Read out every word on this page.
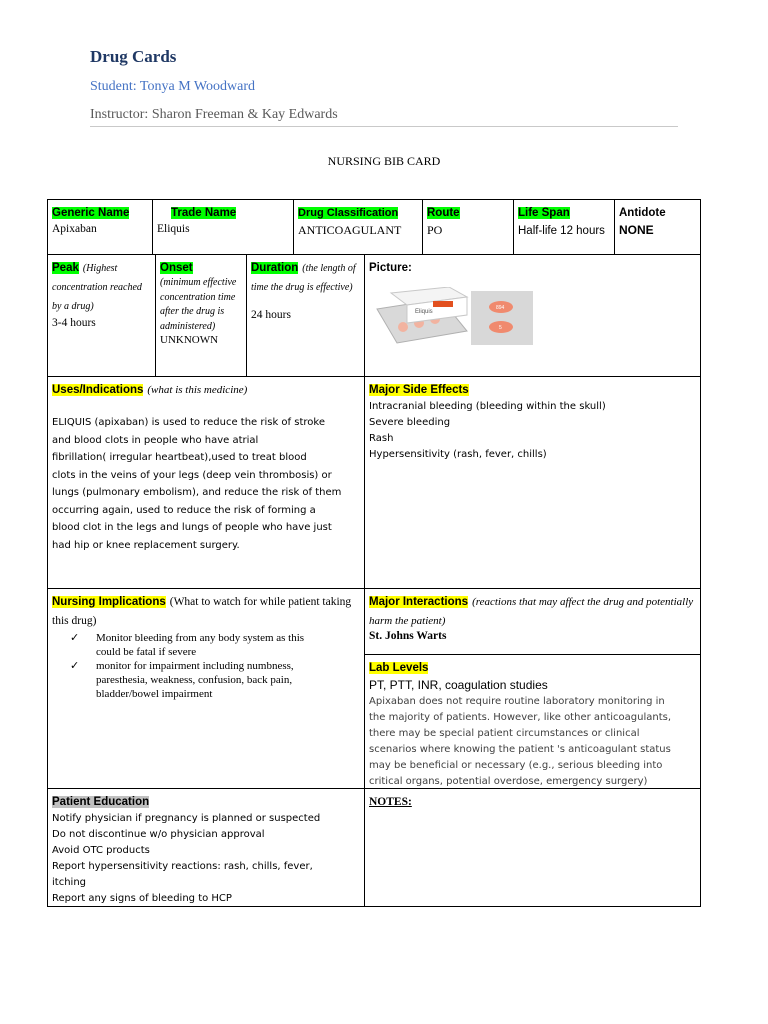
Drug Cards
Student: Tonya M Woodward
Instructor: Sharon Freeman & Kay Edwards
NURSING BIB CARD
Generic Name
Apixaban
Trade Name
Eliquis
Drug Classification
ANTICOAGULANT
Route
PO
Life Span
Half-life 12 hours
Antidote
NONE
Peak (Highest concentration reached by a drug)
3-4 hours
Onset
(minimum effective concentration time after the drug is administered)
UNKNOWN
Duration (the length of time the drug is effective)
24 hours
Picture:
Eliquis
894
5
Uses/Indications (what is this medicine)
ELIQUIS (apixaban) is used to reduce the risk of stroke
and blood clots in people who have atrial
fibrillation( irregular heartbeat),used to treat blood
clots in the veins of your legs (deep vein thrombosis) or
lungs (pulmonary embolism), and reduce the risk of them
occurring again, used to reduce the risk of forming a
blood clot in the legs and lungs of people who have just
had hip or knee replacement surgery.
Major Side Effects
Intracranial bleeding (bleeding within the skull)
Severe bleeding
Rash
Hypersensitivity (rash, fever, chills)
Nursing Implications (What to watch for while patient taking this drug)
✓ Monitor bleeding from any body system as this
could be fatal if severe
✓ monitor for impairment including numbness,
paresthesia, weakness, confusion, back pain,
bladder/bowel impairment
Major Interactions (reactions that may affect the drug and potentially harm the patient)
St. Johns Warts
Lab Levels
PT, PTT, INR, coagulation studies
Apixaban does not require routine laboratory monitoring in
the majority of patients. However, like other anticoagulants,
there may be special patient circumstances or clinical
scenarios where knowing the patient 's anticoagulant status
may be beneficial or necessary (e.g., serious bleeding into
critical organs, potential overdose, emergency surgery)
Patient Education
Notify physician if pregnancy is planned or suspected
Do not discontinue w/o physician approval
Avoid OTC products
Report hypersensitivity reactions: rash, chills, fever,
itching
Report any signs of bleeding to HCP
NOTES:
